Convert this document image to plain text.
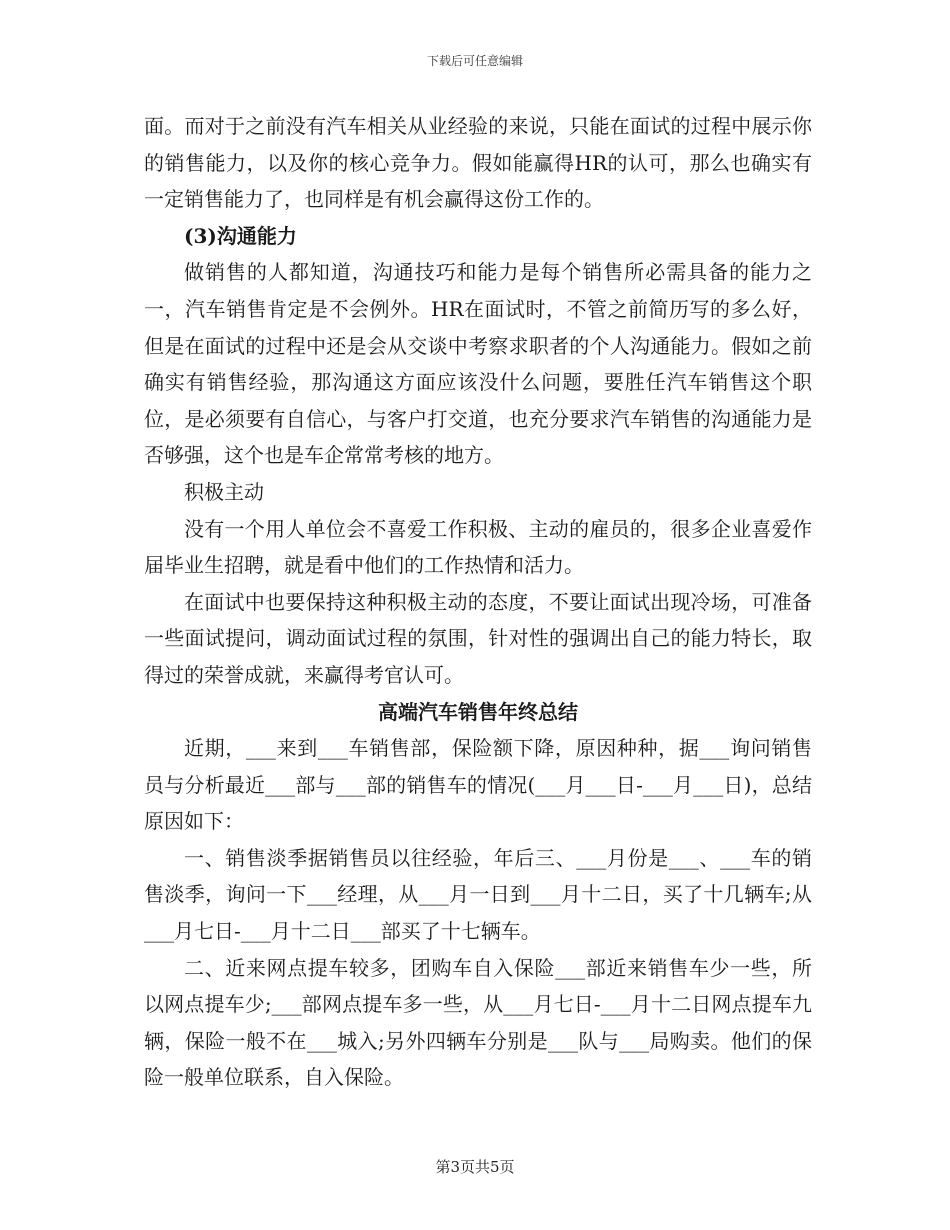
下载后可任意编辑

面。而对于之前没有汽车相关从业经验的来说，只能在面试的过程中展示你的销售能力，以及你的核心竞争力。假如能赢得HR的认可，那么也确实有一定销售能力了，也同样是有机会赢得这份工作的。

(3)沟通能力

做销售的人都知道，沟通技巧和能力是每个销售所必需具备的能力之一，汽车销售肯定是不会例外。HR在面试时，不管之前简历写的多么好，但是在面试的过程中还是会从交谈中考察求职者的个人沟通能力。假如之前确实有销售经验，那沟通这方面应该没什么问题，要胜任汽车销售这个职位，是必须要有自信心，与客户打交道，也充分要求汽车销售的沟通能力是否够强，这个也是车企常常考核的地方。

积极主动

没有一个用人单位会不喜爱工作积极、主动的雇员的，很多企业喜爱作届毕业生招聘，就是看中他们的工作热情和活力。

在面试中也要保持这种积极主动的态度，不要让面试出现冷场，可准备一些面试提问，调动面试过程的氛围，针对性的强调出自己的能力特长，取得过的荣誉成就，来赢得考官认可。

高端汽车销售年终总结

近期，___来到___车销售部，保险额下降，原因种种，据___询问销售员与分析最近___部与___部的销售车的情况(___月___日-___月___日)，总结原因如下：

一、销售淡季据销售员以往经验，年后三、___月份是___、___车的销售淡季，询问一下___经理，从___月一日到___月十二日，买了十几辆车;从___月七日-___月十二日___部买了十七辆车。

二、近来网点提车较多，团购车自入保险___部近来销售车少一些，所以网点提车少;___部网点提车多一些，从___月七日-___月十二日网点提车九辆，保险一般不在___城入;另外四辆车分别是___队与___局购卖。他们的保险一般单位联系，自入保险。

第3页共5页
